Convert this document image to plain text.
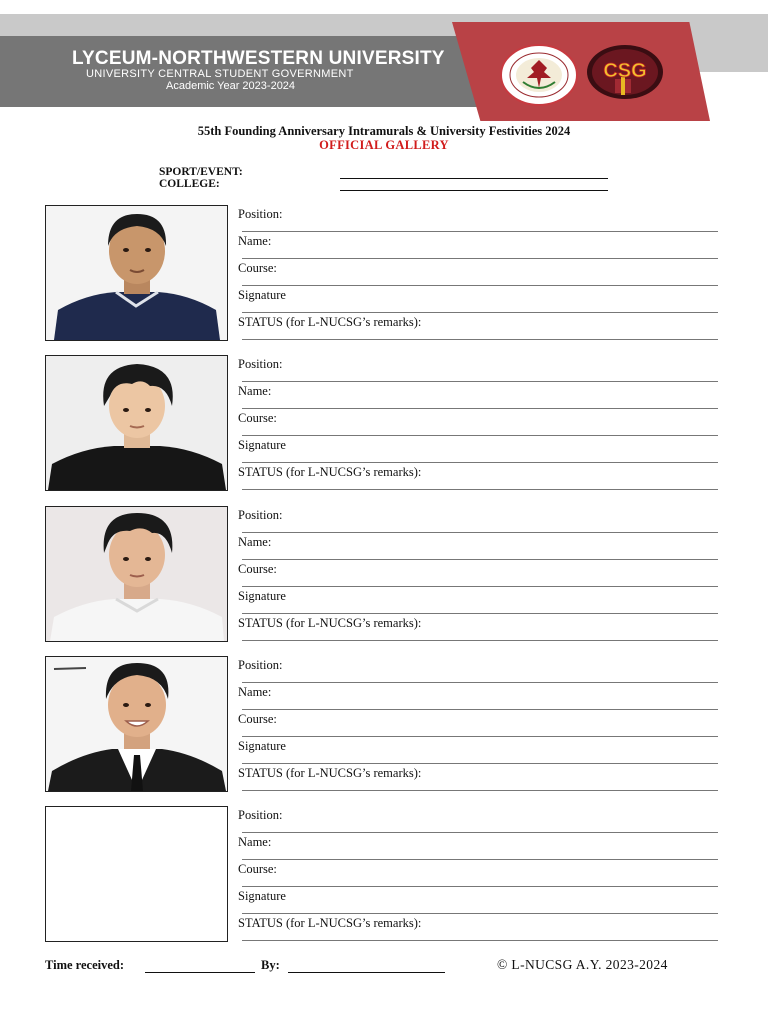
LYCEUM-NORTHWESTERN UNIVERSITY
UNIVERSITY CENTRAL STUDENT GOVERNMENT
Academic Year 2023-2024
CSG
55th Founding Anniversary Intramurals & University Festivities 2024
OFFICIAL GALLERY
SPORT/EVENT:
COLLEGE:
Position:
Name:
Course:
Signature
STATUS (for L-NUCSG’s remarks):
Position:
Name:
Course:
Signature
STATUS (for L-NUCSG’s remarks):
Position:
Name:
Course:
Signature
STATUS (for L-NUCSG’s remarks):
Position:
Name:
Course:
Signature
STATUS (for L-NUCSG’s remarks):
Position:
Name:
Course:
Signature
STATUS (for L-NUCSG’s remarks):
Time received:	By:	© L-NUCSG A.Y. 2023-2024
